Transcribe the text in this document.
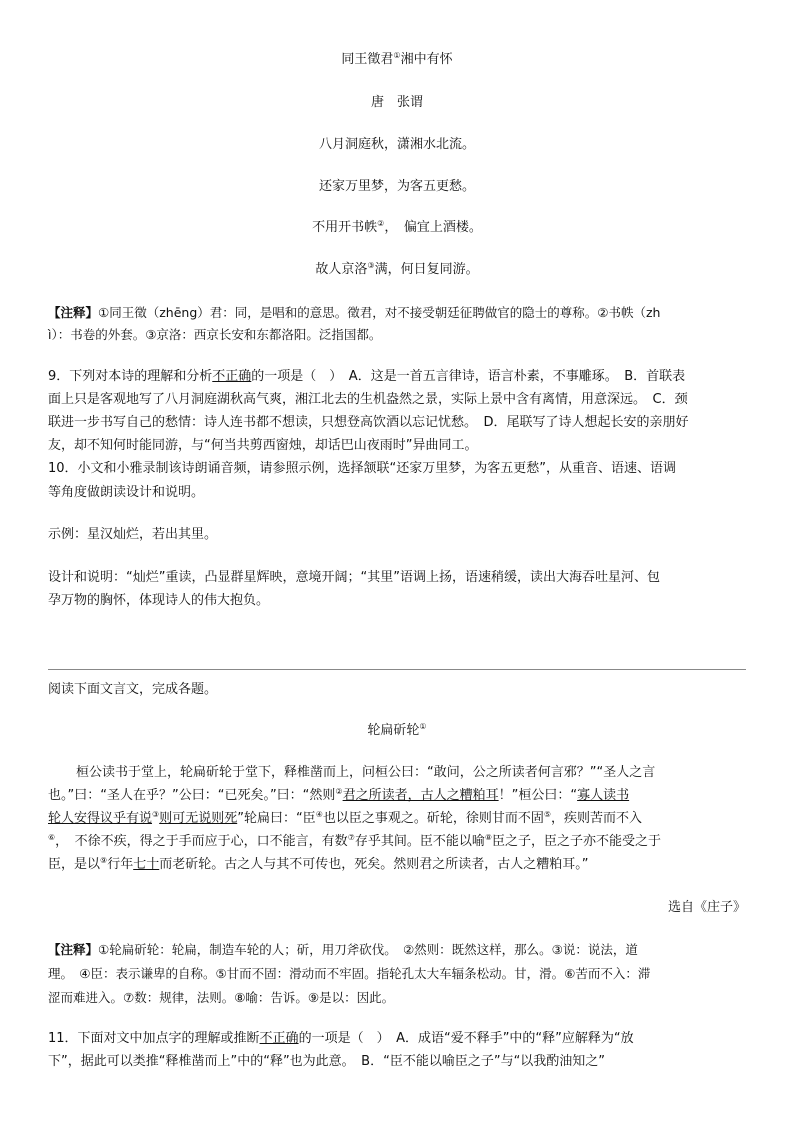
同王徵君①湘中有怀
唐　张谓
八月洞庭秋，潇湘水北流。
还家万里梦，为客五更愁。
不用开书帙②，　偏宜上酒楼。
故人京洛③满，何日复同游。
【注释】①同王徵（zhēng）君：同，是唱和的意思。徵君，对不接受朝廷征聘做官的隐士的尊称。②书帙（zh
ì）：书卷的外套。③京洛：西京长安和东都洛阳。泛指国都。
9．下列对本诗的理解和分析不正确的一项是（　）　A．这是一首五言律诗，语言朴素，不事雕琢。　B．首联表
面上只是客观地写了八月洞庭湖秋高气爽，湘江北去的生机盎然之景，实际上景中含有离情，用意深远。　C．颈
联进一步书写自己的愁情：诗人连书都不想读，只想登高饮酒以忘记忧愁。　D．尾联写了诗人想起长安的亲朋好
友，却不知何时能同游，与“何当共剪西窗烛，却话巴山夜雨时”异曲同工。
10．小文和小雅录制该诗朗诵音频，请参照示例，选择颔联“还家万里梦，为客五更愁”，从重音、语速、语调
等角度做朗读设计和说明。
示例：星汉灿烂，若出其里。
设计和说明：“灿烂”重读，凸显群星辉映，意境开阔；“其里”语调上扬，语速稍缓，读出大海吞吐星河、包
孕万物的胸怀，体现诗人的伟大抱负。
阅读下面文言文，完成各题。
轮扁斫轮①
桓公读书于堂上，轮扁斫轮于堂下，释椎凿而上，问桓公曰：“敢问，公之所读者何言邪？”“圣人之言
也。”曰：“圣人在乎？”公曰：“已死矣。”曰：“然则②君之所读者，古人之糟粕耳！”桓公曰：“寡人读书
轮人安得议乎有说③则可无说则死”轮扁曰：“臣④也以臣之事观之。斫轮，徐则甘而不固⑤，疾则苦而不入
⑥，　不徐不疾，得之于手而应于心，口不能言，有数⑦存乎其间。臣不能以喻⑧臣之子，臣之子亦不能受之于
臣，是以⑨行年七十而老斫轮。古之人与其不可传也，死矣。然则君之所读者，古人之糟粕耳。”
选自《庄子》
【注释】①轮扁斫轮：轮扁，制造车轮的人；斫，用刀斧砍伐。　②然则：既然这样，那么。③说：说法，道
理。　④臣：表示谦卑的自称。⑤甘而不固：滑动而不牢固。指轮孔太大车辐条松动。甘，滑。⑥苦而不入：滞
涩而难进入。⑦数：规律，法则。⑧喻：告诉。⑨是以：因此。
11．下面对文中加点字的理解或推断不正确的一项是（　）　A．成语“爱不释手”中的“释”应解释为“放
下”，据此可以类推“释椎凿而上”中的“释”也为此意。　B．“臣不能以喻臣之子”与“以我酌油知之”
